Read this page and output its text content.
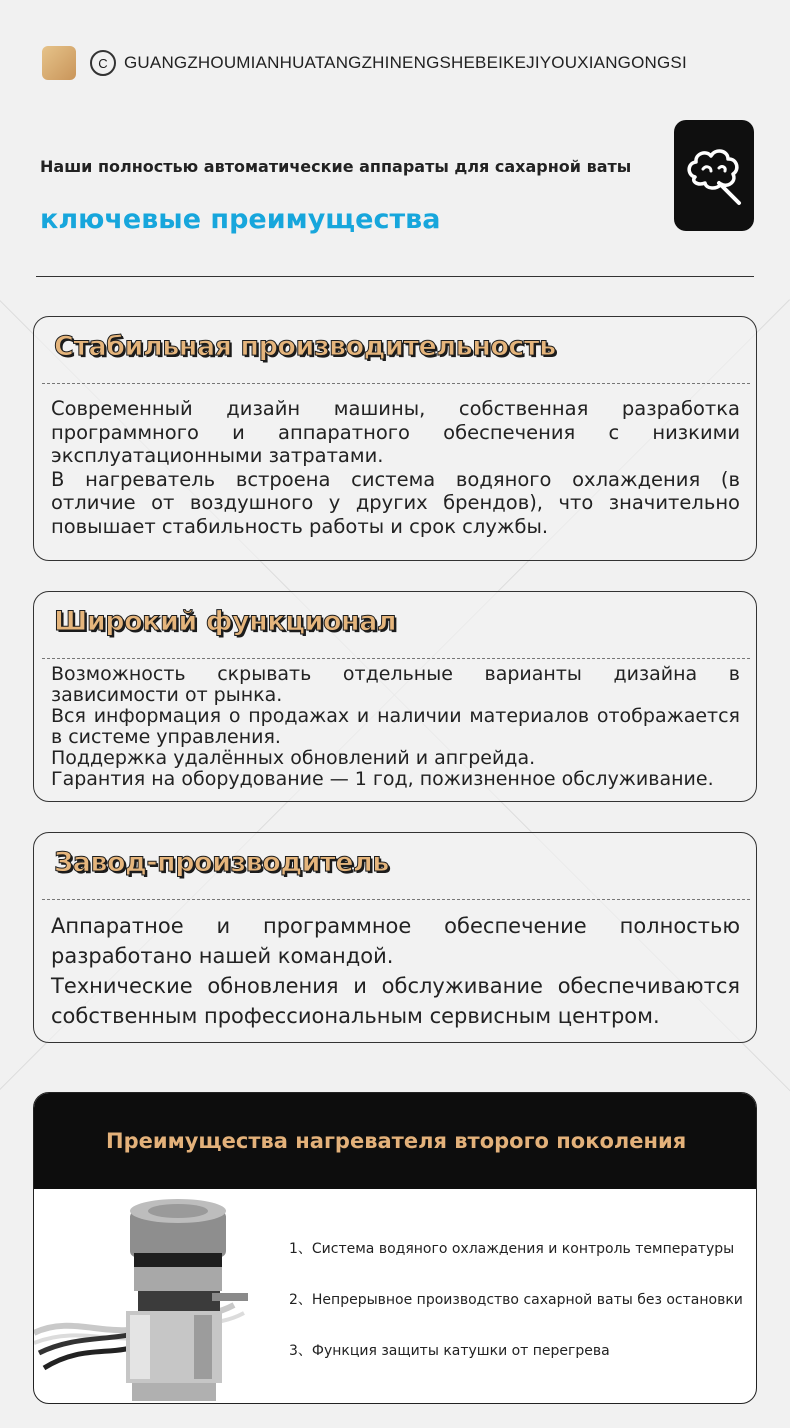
C GUANGZHOUMIANHUATANGZHINENGSHEBEIKEJIYOUXIANGONGSI
Наши полностью автоматические аппараты для сахарной ваты
ключевые преимущества
Стабильная производительность

Современный дизайн машины, собственная разработка программного и аппаратного обеспечения с низкими эксплуатационными затратами.

В нагреватель встроена система водяного охлаждения (в отличие от воздушного у других брендов), что значительно повышает стабильность работы и срок службы.

Широкий функционал

Возможность скрывать отдельные варианты дизайна в зависимости от рынка.

Вся информация о продажах и наличии материалов отображается в системе управления.

Поддержка удалённых обновлений и апгрейда.

Гарантия на оборудование — 1 год, пожизненное обслуживание.

Завод-производитель

Аппаратное и программное обеспечение полностью разработано нашей командой.

Технические обновления и обслуживание обеспечиваются собственным профессиональным сервисным центром.

Преимущества нагревателя второго поколения
1、Система водяного охлаждения и контроль температуры
2、Непрерывное производство сахарной ваты без остановки
3、Функция защиты катушки от перегрева
